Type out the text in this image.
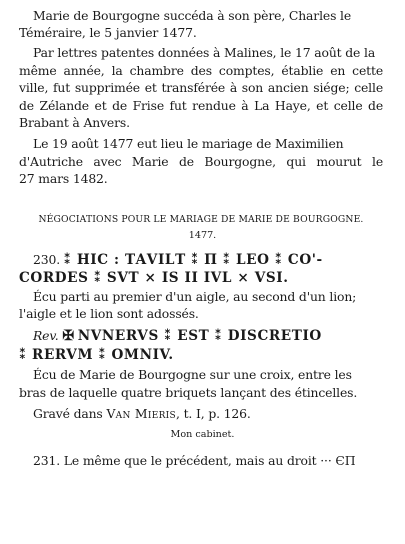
Marie de Bourgogne succéda à son père, Charles le
Téméraire, le 5 janvier 1477.
Par lettres patentes données à Malines, le 17 août de la
même année, la chambre des comptes, établie en cette
ville, fut supprimée et transférée à son ancien siége; celle
de Zélande et de Frise fut rendue à La Haye, et celle de
Brabant à Anvers.
Le 19 août 1477 eut lieu le mariage de Maximilien
d'Autriche avec Marie de Bourgogne, qui mourut le
27 mars 1482.
NÉGOCIATIONS POUR LE MARIAGE DE MARIE DE BOURGOGNE.
1477.
230. ⁑ HIC : ΤΑVILΤ ⁑ Π ⁑ LEO ⁑ CO'-
CORDES ⁑ SVT × IS II IVL × VSI.
Écu parti au premier d'un aigle, au second d'un lion;
l'aigle et le lion sont adossés.
Rev. ✠ NVNERVS ⁑ EST ⁑ DISCRETIO
⁑ RERVM ⁑ OMNIV.
Écu de Marie de Bourgogne sur une croix, entre les
bras de laquelle quatre briquets lançant des étincelles.
Gravé dans Van Mieris, t. I, p. 126.
Mon cabinet.
231. Le même que le précédent, mais au droit ··· ЄΠ
